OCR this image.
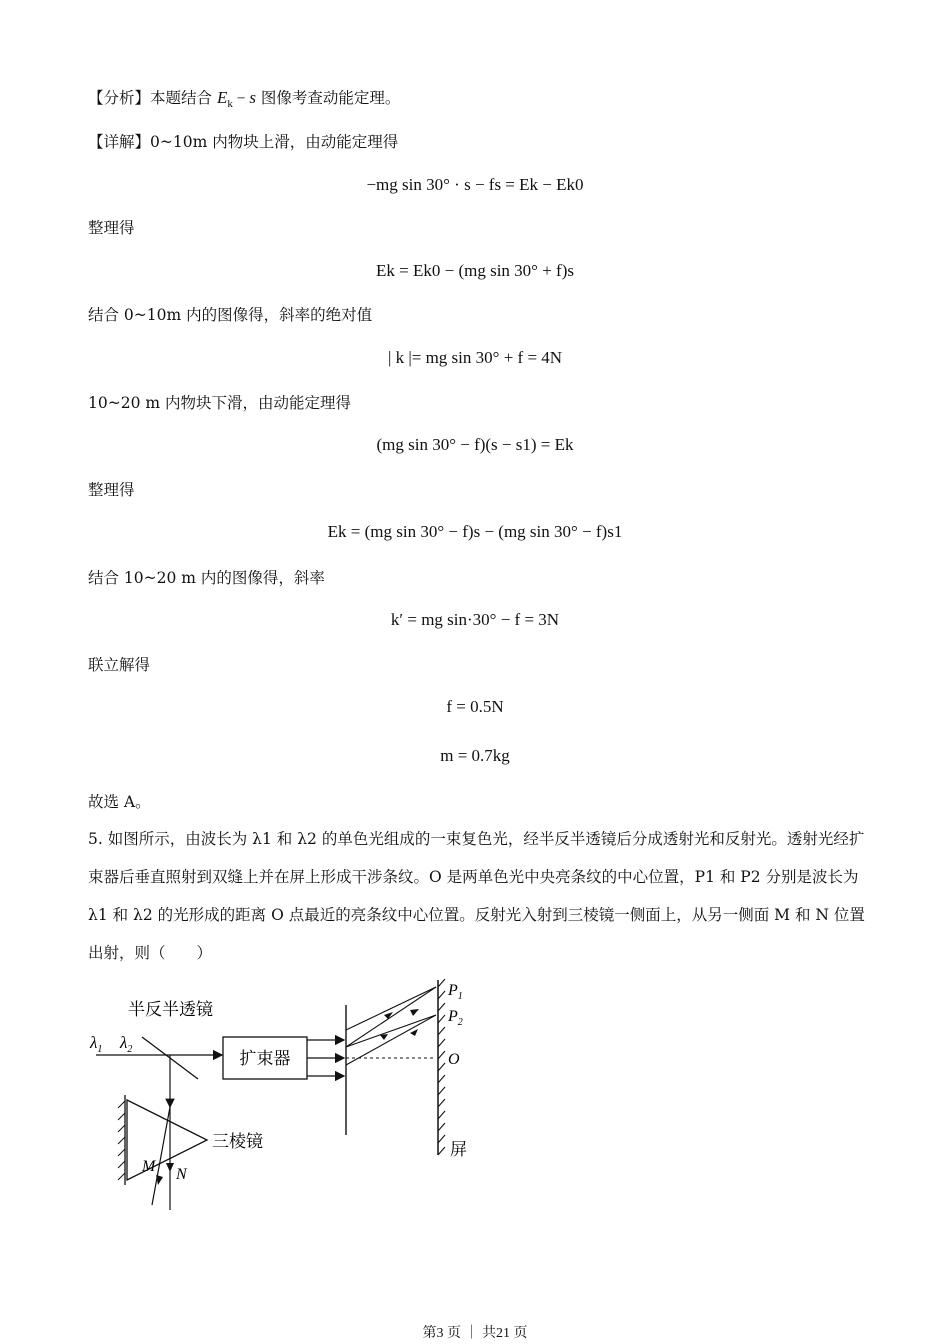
【分析】本题结合 $E_k - s$ 图像考查动能定理。
【详解】0~10m 内物块上滑，由动能定理得
−mg sin 30° · s − fs = Ek − Ek0
整理得
Ek = Ek0 − (mg sin 30° + f)s
结合 0~10m 内的图像得，斜率的绝对值
| k |= mg sin 30° + f = 4N
10~20 m 内物块下滑，由动能定理得
(mg sin 30° − f)(s − s1) = Ek
整理得
Ek = (mg sin 30° − f)s − (mg sin 30° − f)s1
结合 10~20 m 内的图像得，斜率
k′ = mg sin·30° − f = 3N
联立解得
f = 0.5N
m = 0.7kg
故选 A。
5. 如图所示，由波长为 λ1 和 λ2 的单色光组成的一束复色光，经半反半透镜后分成透射光和反射光。透射光经扩束器后垂直照射到双缝上并在屏上形成干涉条纹。O 是两单色光中央亮条纹的中心位置，P1 和 P2 分别是波长为 λ1 和 λ2 的光形成的距离 O 点最近的亮条纹中心位置。反射光入射到三棱镜一侧面上，从另一侧面 M 和 N 位置出射，则（　　）
半反半透镜
$\lambda_1$ $\lambda_2$	扩束器
$P_1$
$P_2$
O
屏
三棱镜
M N
第3 页 ｜ 共21 页
